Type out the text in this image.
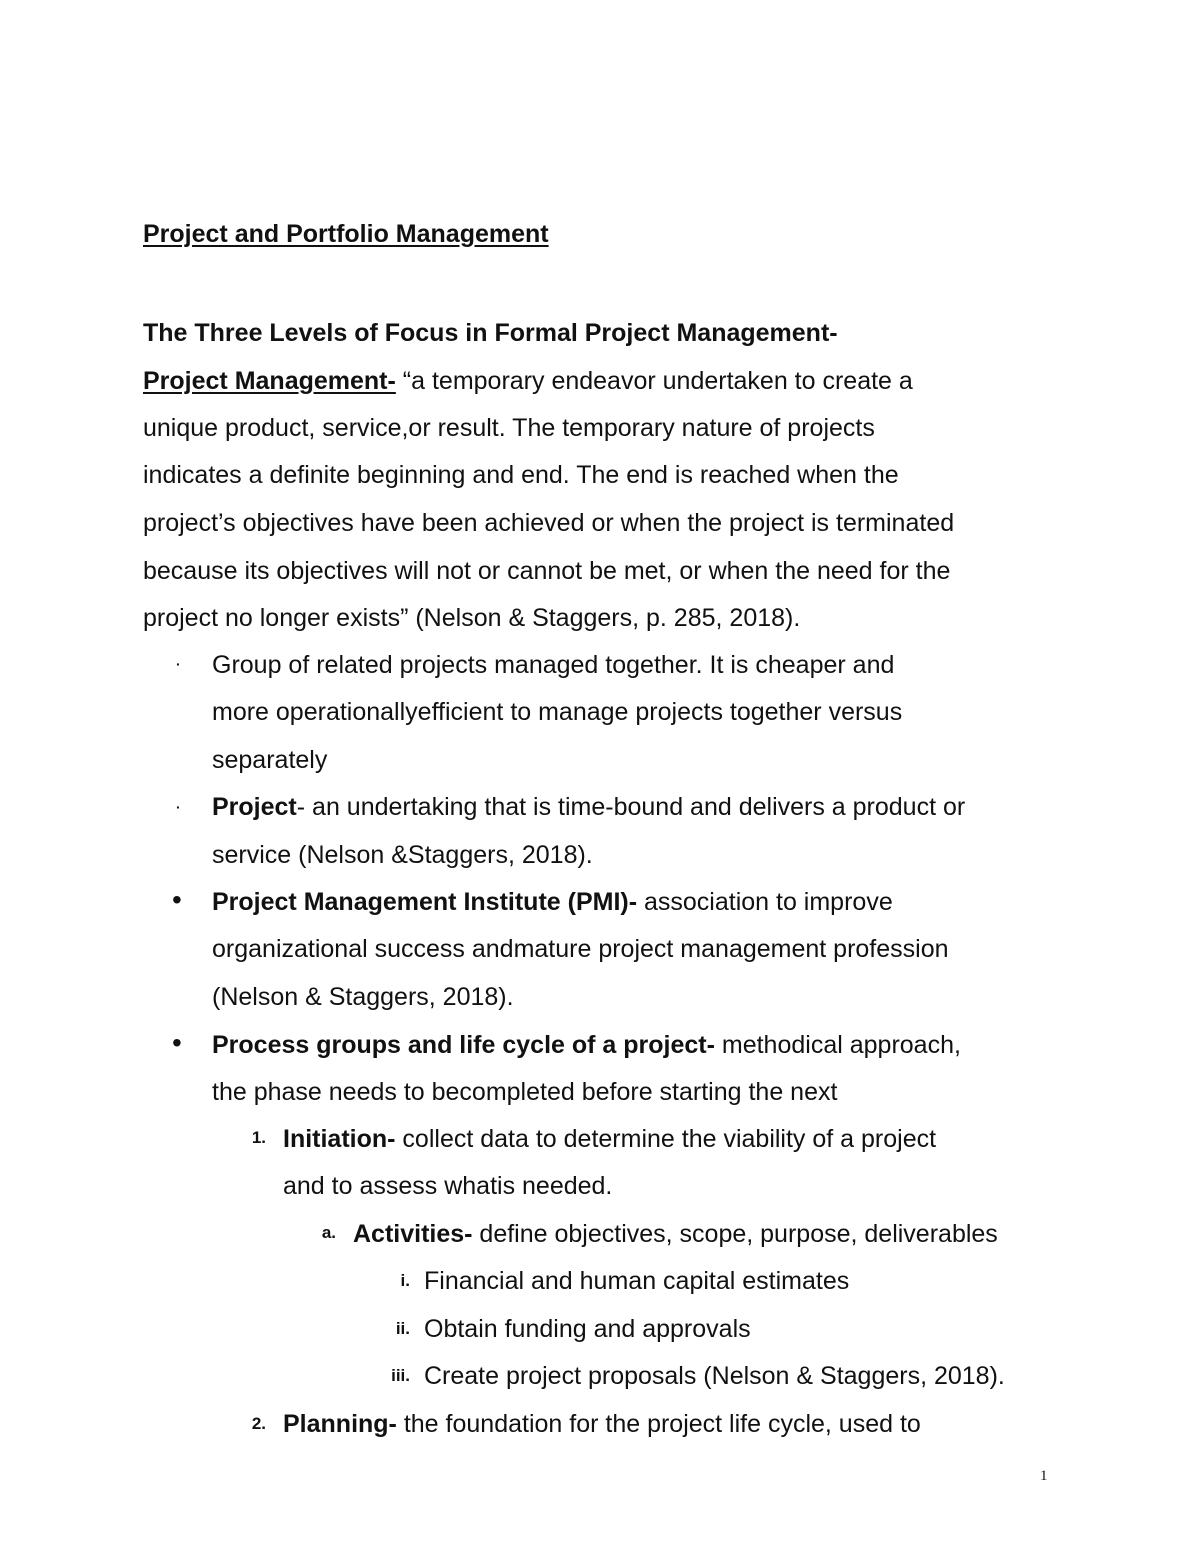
Project and Portfolio Management
The Three Levels of Focus in Formal Project Management-
Project Management- “a temporary endeavor undertaken to create a
unique product, service,or result. The temporary nature of projects
indicates a definite beginning and end. The end is reached when the
project’s objectives have been achieved or when the project is terminated
because its objectives will not or cannot be met, or when the need for the
project no longer exists” (Nelson & Staggers, p. 285, 2018).
· Group of related projects managed together. It is cheaper and
more operationallyefficient to manage projects together versus
separately
· Project- an undertaking that is time-bound and delivers a product or
service (Nelson &Staggers, 2018).
• Project Management Institute (PMI)- association to improve
organizational success andmature project management profession
(Nelson & Staggers, 2018).
• Process groups and life cycle of a project- methodical approach,
the phase needs to becompleted before starting the next
1. Initiation- collect data to determine the viability of a project
and to assess whatis needed.
a. Activities- define objectives, scope, purpose, deliverables
i. Financial and human capital estimates
ii. Obtain funding and approvals
iii. Create project proposals (Nelson & Staggers, 2018).
2. Planning- the foundation for the project life cycle, used to
1
